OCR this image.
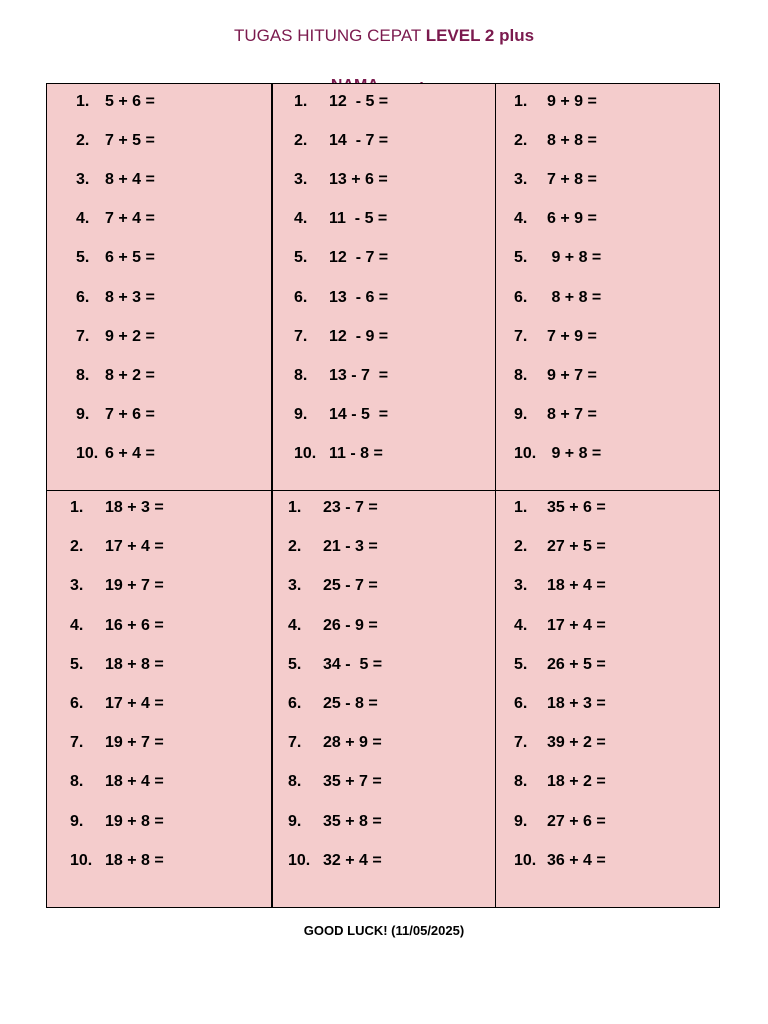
TUGAS HITUNG CEPAT LEVEL 2 plus

1. 5 + 6 =
2. 7 + 5 =
3. 8 + 4 =
4. 7 + 4 =
5. 6 + 5 =
6. 8 + 3 =
7. 9 + 2 =
8. 8 + 2 =
9. 7 + 6 =
10. 6 + 4 =
1. 12  - 5 =
2. 14  - 7 =
3. 13 + 6 =
4. 11  - 5 =
5. 12  - 7 =
6. 13  - 6 =
7. 12  - 9 =
8. 13 - 7  =
9. 14 - 5  =
10. 11 - 8 =
1. 9 + 9 =
2. 8 + 8 =
3. 7 + 8 =
4. 6 + 9 =
5. 9 + 8 =
6. 8 + 8 =
7. 7 + 9 =
8. 9 + 7 =
9. 8 + 7 =
10. 9 + 8 =
1. 18 + 3 =
2. 17 + 4 =
3. 19 + 7 =
4. 16 + 6 =
5. 18 + 8 =
6. 17 + 4 =
7. 19 + 7 =
8. 18 + 4 =
9. 19 + 8 =
10. 18 + 8 =
1. 23 - 7 =
2. 21 - 3 =
3. 25 - 7 =
4. 26 - 9 =
5. 34 -  5 =
6. 25 - 8 =
7. 28 + 9 =
8. 35 + 7 =
9. 35 + 8 =
10. 32 + 4 =
1. 35 + 6 =
2. 27 + 5 =
3. 18 + 4 =
4. 17 + 4 =
5. 26 + 5 =
6. 18 + 3 =
7. 39 + 2 =
8. 18 + 2 =
9. 27 + 6 =
10. 36 + 4 =
GOOD LUCK! (11/05/2025)
